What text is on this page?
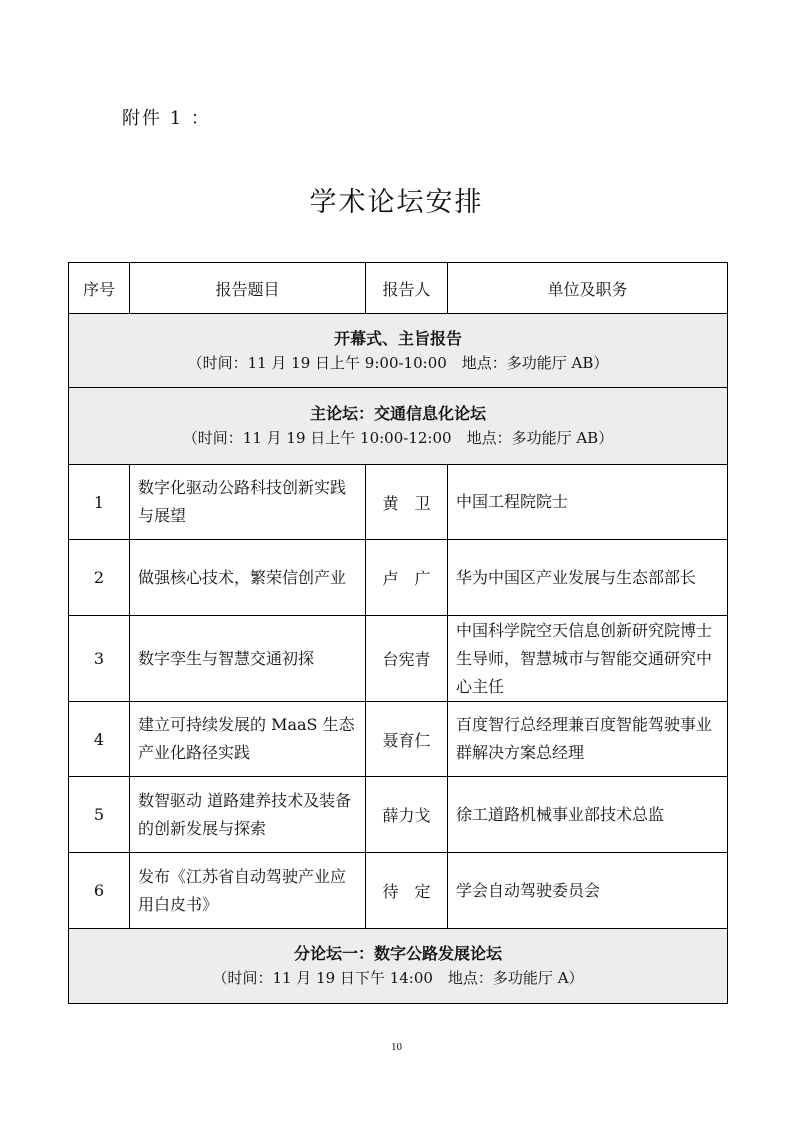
附件 1 ：
学术论坛安排
序号	报告题目	报告人	单位及职务

开幕式、主旨报告
（时间：11 月 19 日上午 9:00-10:00　地点：多功能厅 AB）			

主论坛：交通信息化论坛
（时间：11 月 19 日上午 10:00-12:00　地点：多功能厅 AB）			

1	数字化驱动公路科技创新实践与展望	黄　卫	中国工程院院士
2	做强核心技术，繁荣信创产业	卢　广	华为中国区产业发展与生态部部长
3	数字孪生与智慧交通初探	台宪青	中国科学院空天信息创新研究院博士生导师，智慧城市与智能交通研究中心主任
4	建立可持续发展的 MaaS 生态产业化路径实践	聂育仁	百度智行总经理兼百度智能驾驶事业群解决方案总经理
5	数智驱动 道路建养技术及装备的创新发展与探索	薛力戈	徐工道路机械事业部技术总监
6	发布《江苏省自动驾驶产业应用白皮书》	待　定	学会自动驾驶委员会

分论坛一：数字公路发展论坛
（时间：11 月 19 日下午 14:00　地点：多功能厅 A）			
10
